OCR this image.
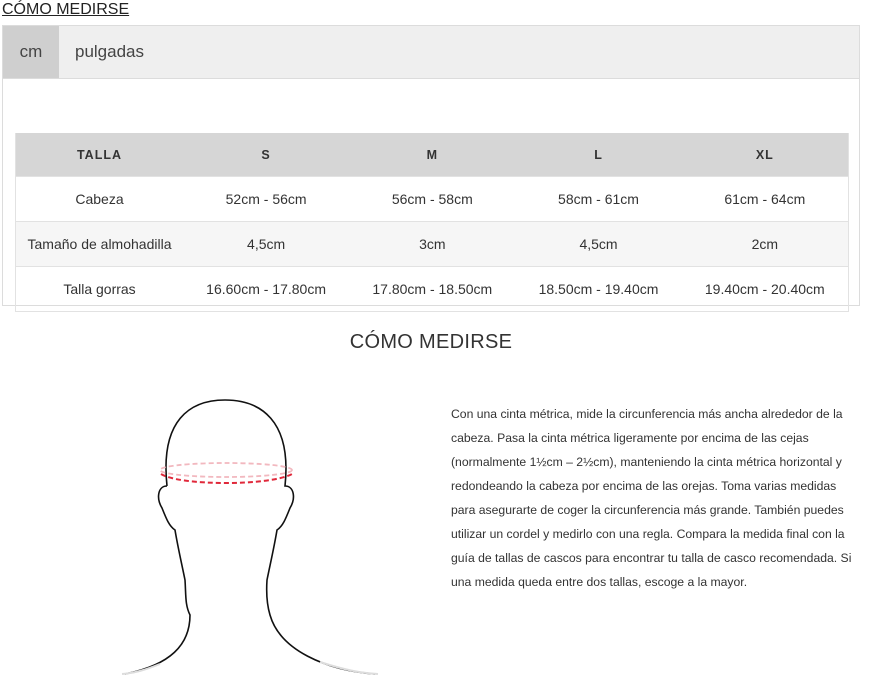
CÓMO MEDIRSE
cm	pulgadas
TALLA	S	M	L	XL
Cabeza	52cm - 56cm	56cm - 58cm	58cm - 61cm	61cm - 64cm
Tamaño de almohadilla	4,5cm	3cm	4,5cm	2cm
Talla gorras	16.60cm - 17.80cm	17.80cm - 18.50cm	18.50cm - 19.40cm	19.40cm - 20.40cm
CÓMO MEDIRSE
Con una cinta métrica, mide la circunferencia más ancha alrededor de la cabeza. Pasa la cinta métrica ligeramente por encima de las cejas (normalmente 1½cm – 2½cm), manteniendo la cinta métrica horizontal y redondeando la cabeza por encima de las orejas. Toma varias medidas para asegurarte de coger la circunferencia más grande. También puedes utilizar un cordel y medirlo con una regla. Compara la medida final con la guía de tallas de cascos para encontrar tu talla de casco recomendada. Si una medida queda entre dos tallas, escoge a la mayor.
